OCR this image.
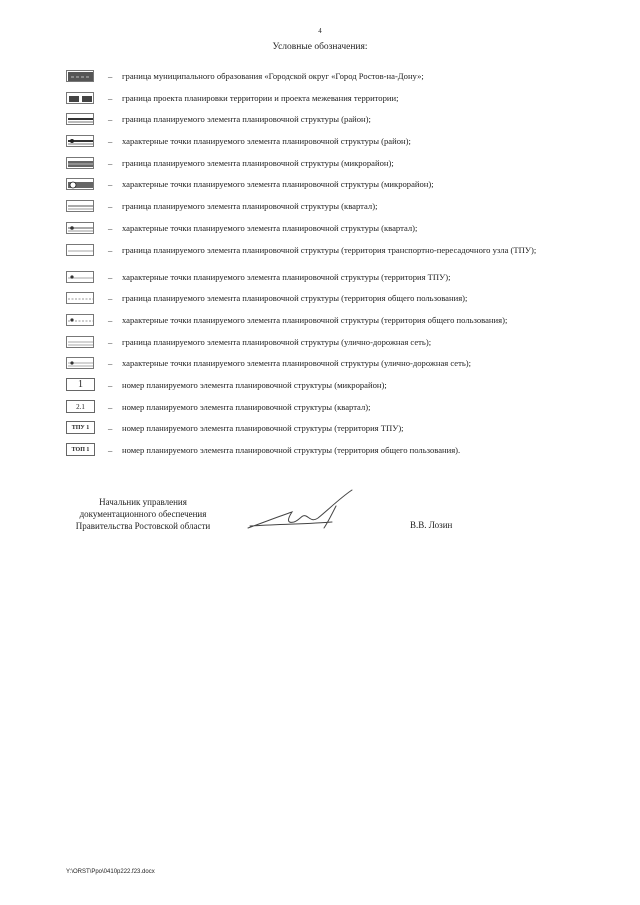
4
Условные обозначения:
– граница муниципального образования «Городской округ «Город Ростов-на-Дону»;
– граница проекта планировки территории и проекта межевания территории;
– граница планируемого элемента планировочной структуры (район);
– характерные точки планируемого элемента планировочной структуры (район);
– граница планируемого элемента планировочной структуры (микрорайон);
– характерные точки планируемого элемента планировочной структуры (микрорайон);
– граница планируемого элемента планировочной структуры (квартал);
– характерные точки планируемого элемента планировочной структуры (квартал);
– граница планируемого элемента планировочной структуры (территория транспортно-пересадочного узла (ТПУ);
– характерные точки планируемого элемента планировочной структуры (территория ТПУ);
– граница планируемого элемента планировочной структуры (территория общего пользования);
– характерные точки планируемого элемента планировочной структуры (территория общего пользования);
– граница планируемого элемента планировочной структуры (улично-дорожная сеть);
– характерные точки планируемого элемента планировочной структуры (улично-дорожная сеть);
1	– номер планируемого элемента планировочной структуры (микрорайон);
2.1	– номер планируемого элемента планировочной структуры (квартал);
ТПУ 1	– номер планируемого элемента планировочной структуры (территория ТПУ);
ТОП 1	– номер планируемого элемента планировочной структуры (территория общего пользования).
Начальник управления
документационного обеспечения
Правительства Ростовской области	В.В. Лозин
Y:\ORST\Ppo\0410p222.f23.docx
